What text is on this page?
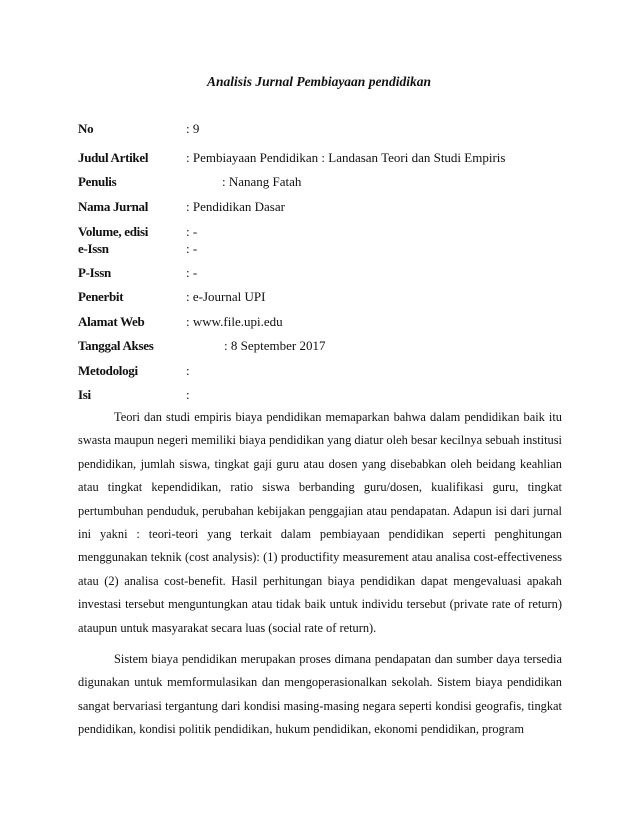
Analisis Jurnal Pembiayaan pendidikan
No	: 9
Judul Artikel	: Pembiayaan Pendidikan : Landasan Teori dan Studi Empiris
Penulis	: Nanang Fatah
Nama Jurnal	: Pendidikan Dasar
Volume, edisi	: -
e-Issn	: -
P-Issn	: -
Penerbit	: e-Journal UPI
Alamat Web	: www.file.upi.edu
Tanggal Akses	: 8 September 2017
Metodologi	:
Isi	:

Teori dan studi empiris biaya pendidikan memaparkan bahwa dalam pendidikan baik itu swasta maupun negeri memiliki biaya pendidikan yang diatur oleh besar kecilnya sebuah institusi pendidikan, jumlah siswa, tingkat gaji guru atau dosen yang disebabkan oleh beidang keahlian atau tingkat kependidikan, ratio siswa berbanding guru/dosen, kualifikasi guru, tingkat pertumbuhan penduduk, perubahan kebijakan penggajian atau pendapatan. Adapun isi dari jurnal ini yakni : teori-teori yang terkait dalam pembiayaan pendidikan seperti penghitungan menggunakan teknik (cost analysis): (1) productifity measurement atau analisa cost-effectiveness atau (2) analisa cost-benefit. Hasil perhitungan biaya pendidikan dapat mengevaluasi apakah investasi tersebut menguntungkan atau tidak baik untuk individu tersebut (private rate of return) ataupun untuk masyarakat secara luas (social rate of return).

Sistem biaya pendidikan merupakan proses dimana pendapatan dan sumber daya tersedia digunakan untuk memformulasikan dan mengoperasionalkan sekolah. Sistem biaya pendidikan sangat bervariasi tergantung dari kondisi masing-masing negara seperti kondisi geografis, tingkat pendidikan, kondisi politik pendidikan, hukum pendidikan, ekonomi pendidikan, program
